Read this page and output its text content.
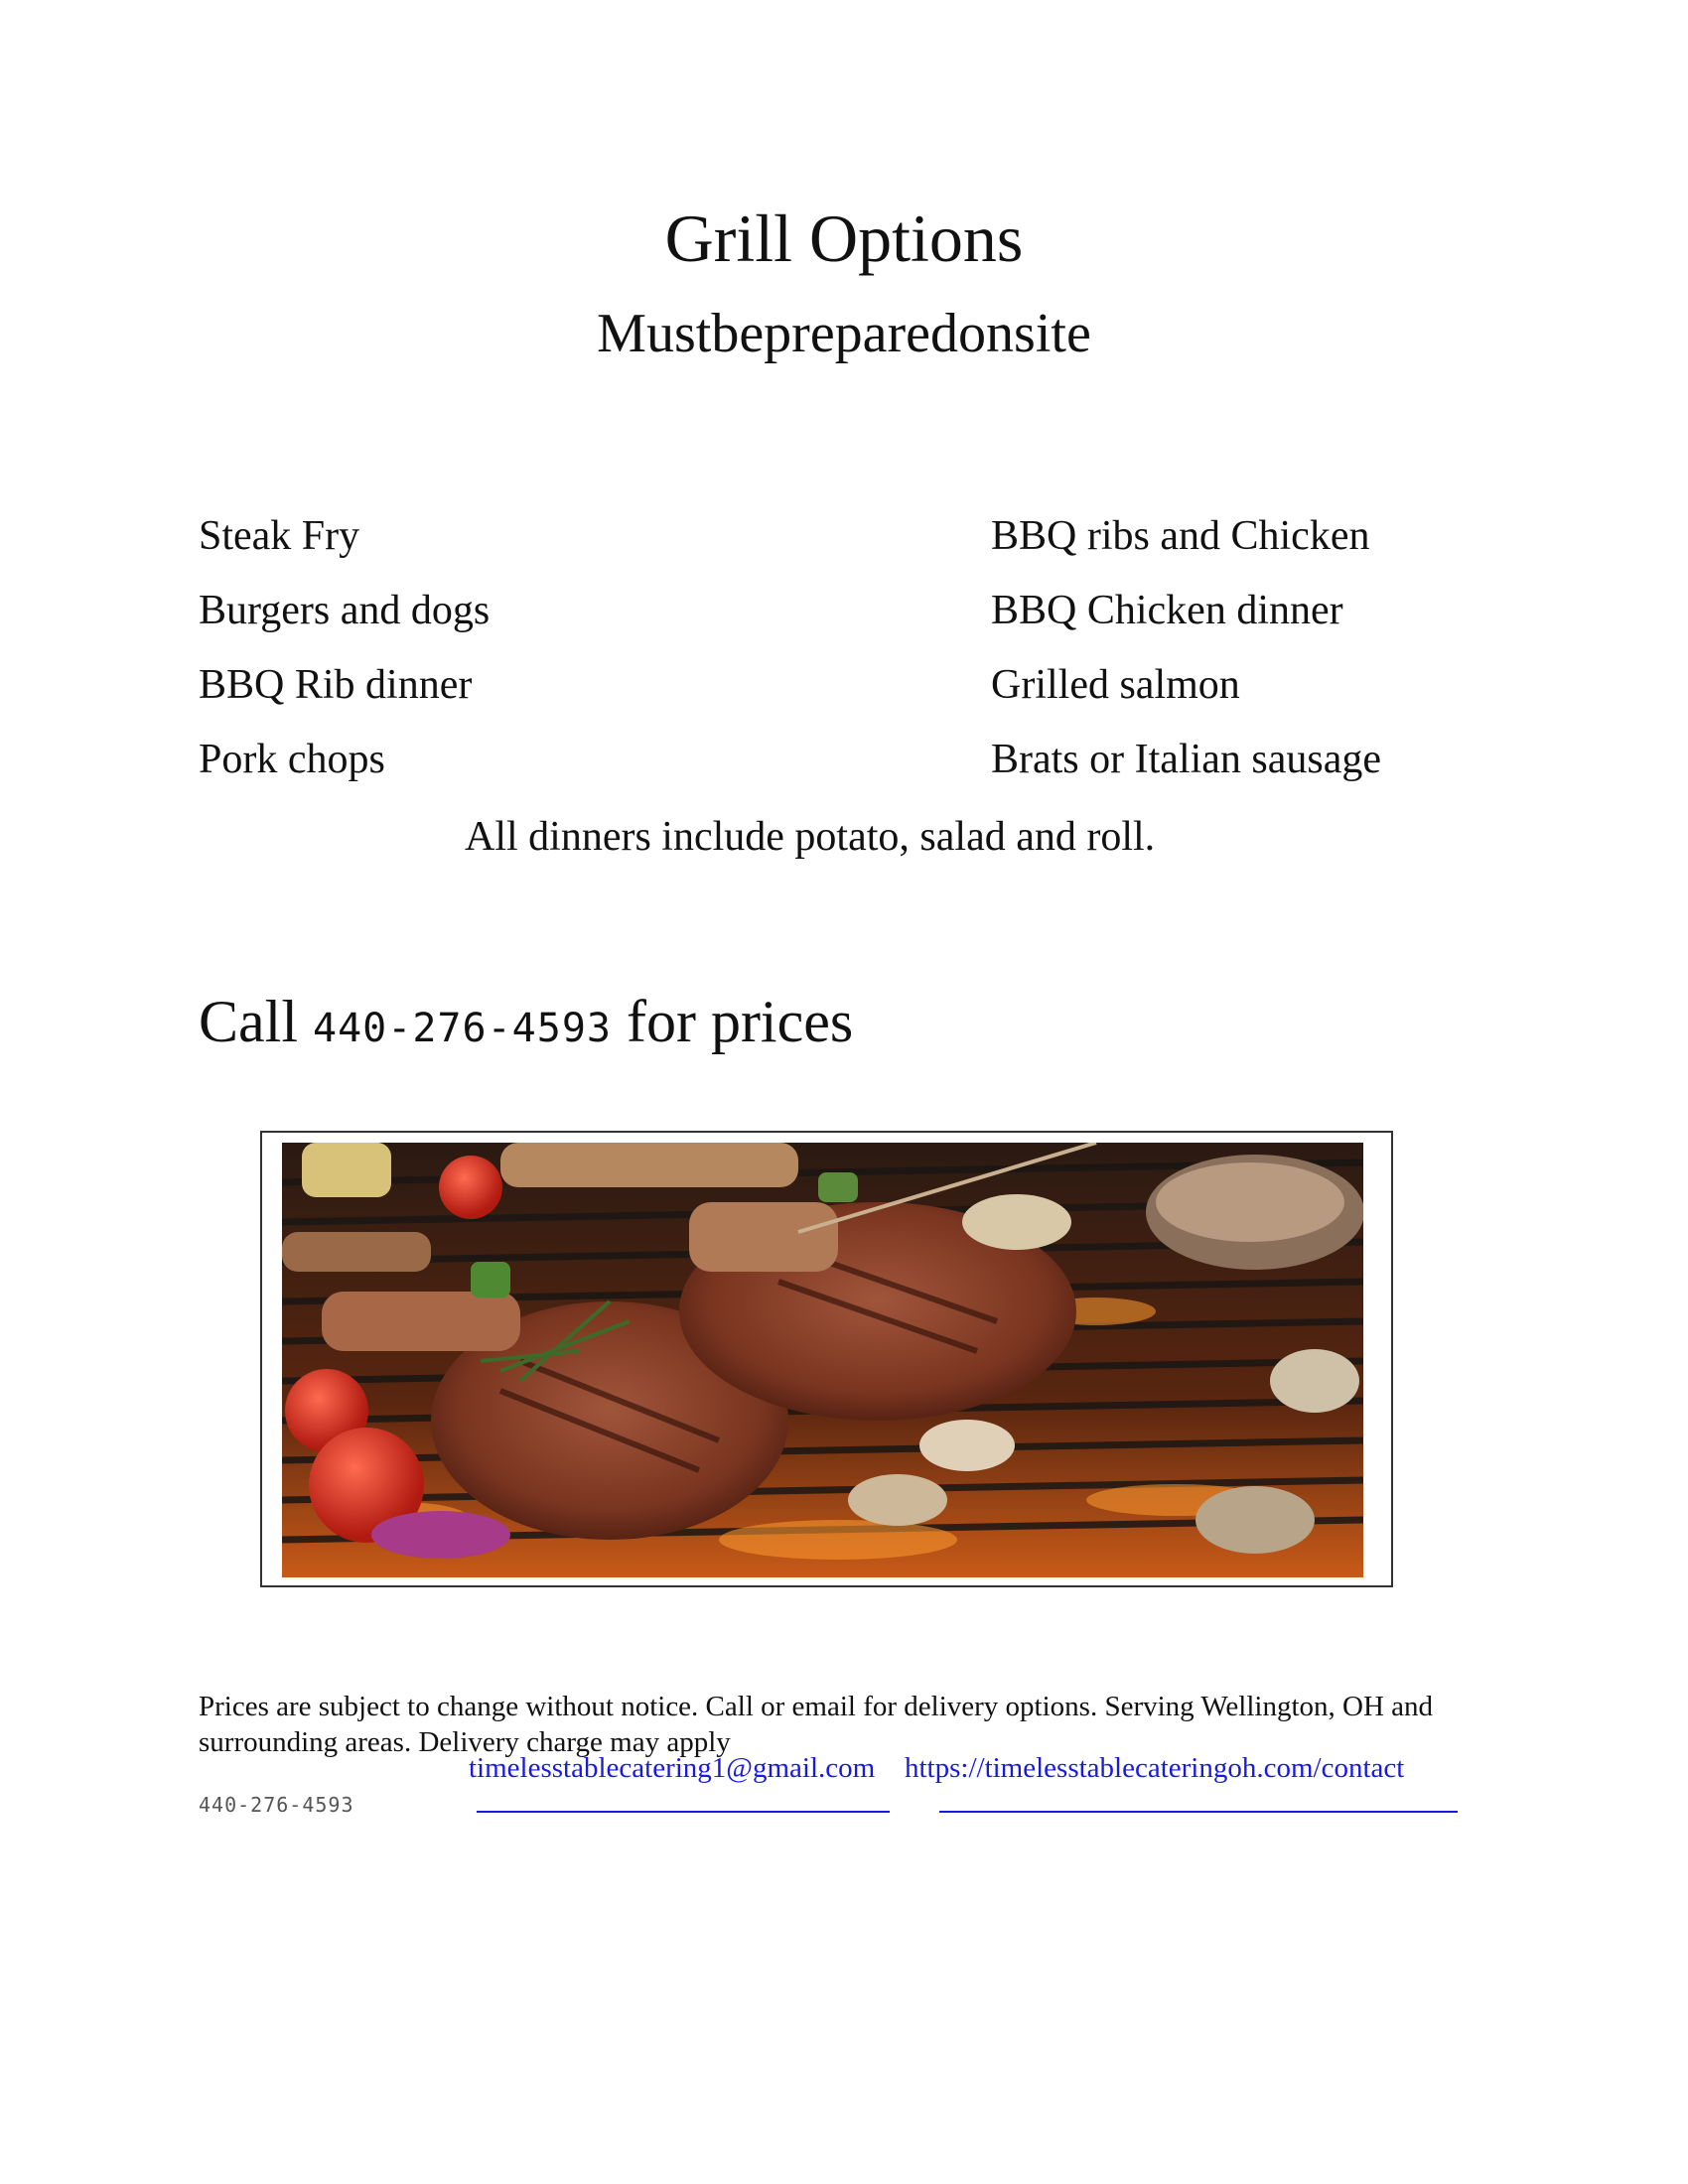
Grill Options
Mustbepreparedonsite
Steak Fry
Burgers and dogs
BBQ Rib dinner
Pork chops
BBQ ribs and Chicken
BBQ Chicken dinner
Grilled salmon
Brats or Italian sausage
All dinners include potato, salad and roll.
Call 440-276-4593 for prices
Prices are subject to change without notice. Call or email for delivery options. Serving Wellington, OH and surrounding areas. Delivery charge may apply
timelesstablecatering1@gmail.com https://timelesstablecateringoh.com/contact
440-276-4593
